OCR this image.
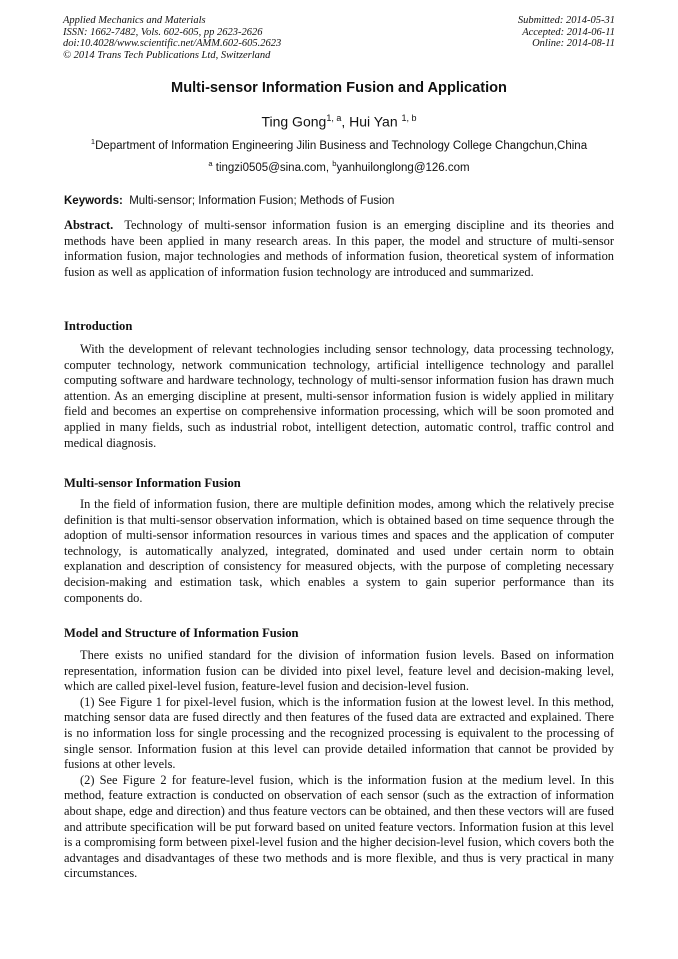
Applied Mechanics and Materials
ISSN: 1662-7482, Vols. 602-605, pp 2623-2626
doi:10.4028/www.scientific.net/AMM.602-605.2623
© 2014 Trans Tech Publications Ltd, Switzerland
Submitted: 2014-05-31
Accepted: 2014-06-11
Online: 2014-08-11
Multi-sensor Information Fusion and Application
Ting Gong$^{1, a}$, Hui Yan $^{1, b}$
$^1$Department of Information Engineering Jilin Business and Technology College Changchun,China
$^a$ tingzi0505@sina.com, $^b$yanhuilonglong@126.com
Keywords: Multi-sensor; Information Fusion; Methods of Fusion

Abstract. Technology of multi-sensor information fusion is an emerging discipline and its theories and methods have been applied in many research areas. In this paper, the model and structure of multi-sensor information fusion, major technologies and methods of information fusion, theoretical system of information fusion as well as application of information fusion technology are introduced and summarized.

Introduction

With the development of relevant technologies including sensor technology, data processing technology, computer technology, network communication technology, artificial intelligence technology and parallel computing software and hardware technology, technology of multi-sensor information fusion has drawn much attention. As an emerging discipline at present, multi-sensor information fusion is widely applied in military field and becomes an expertise on comprehensive information processing, which will be soon promoted and applied in many fields, such as industrial robot, intelligent detection, automatic control, traffic control and medical diagnosis.

Multi-sensor Information Fusion

In the field of information fusion, there are multiple definition modes, among which the relatively precise definition is that multi-sensor observation information, which is obtained based on time sequence through the adoption of multi-sensor information resources in various times and spaces and the application of computer technology, is automatically analyzed, integrated, dominated and used under certain norm to obtain explanation and description of consistency for measured objects, with the purpose of completing necessary decision-making and estimation task, which enables a system to gain superior performance than its components do.

Model and Structure of Information Fusion

There exists no unified standard for the division of information fusion levels. Based on information representation, information fusion can be divided into pixel level, feature level and decision-making level, which are called pixel-level fusion, feature-level fusion and decision-level fusion.

(1) See Figure 1 for pixel-level fusion, which is the information fusion at the lowest level. In this method, matching sensor data are fused directly and then features of the fused data are extracted and explained. There is no information loss for single processing and the recognized processing is equivalent to the processing of single sensor. Information fusion at this level can provide detailed information that cannot be provided by fusions at other levels.

(2) See Figure 2 for feature-level fusion, which is the information fusion at the medium level. In this method, feature extraction is conducted on observation of each sensor (such as the extraction of information about shape, edge and direction) and thus feature vectors can be obtained, and then these vectors will are fused and attribute specification will be put forward based on united feature vectors. Information fusion at this level is a compromising form between pixel-level fusion and the higher decision-level fusion, which covers both the advantages and disadvantages of these two methods and is more flexible, and thus is very practical in many circumstances.
